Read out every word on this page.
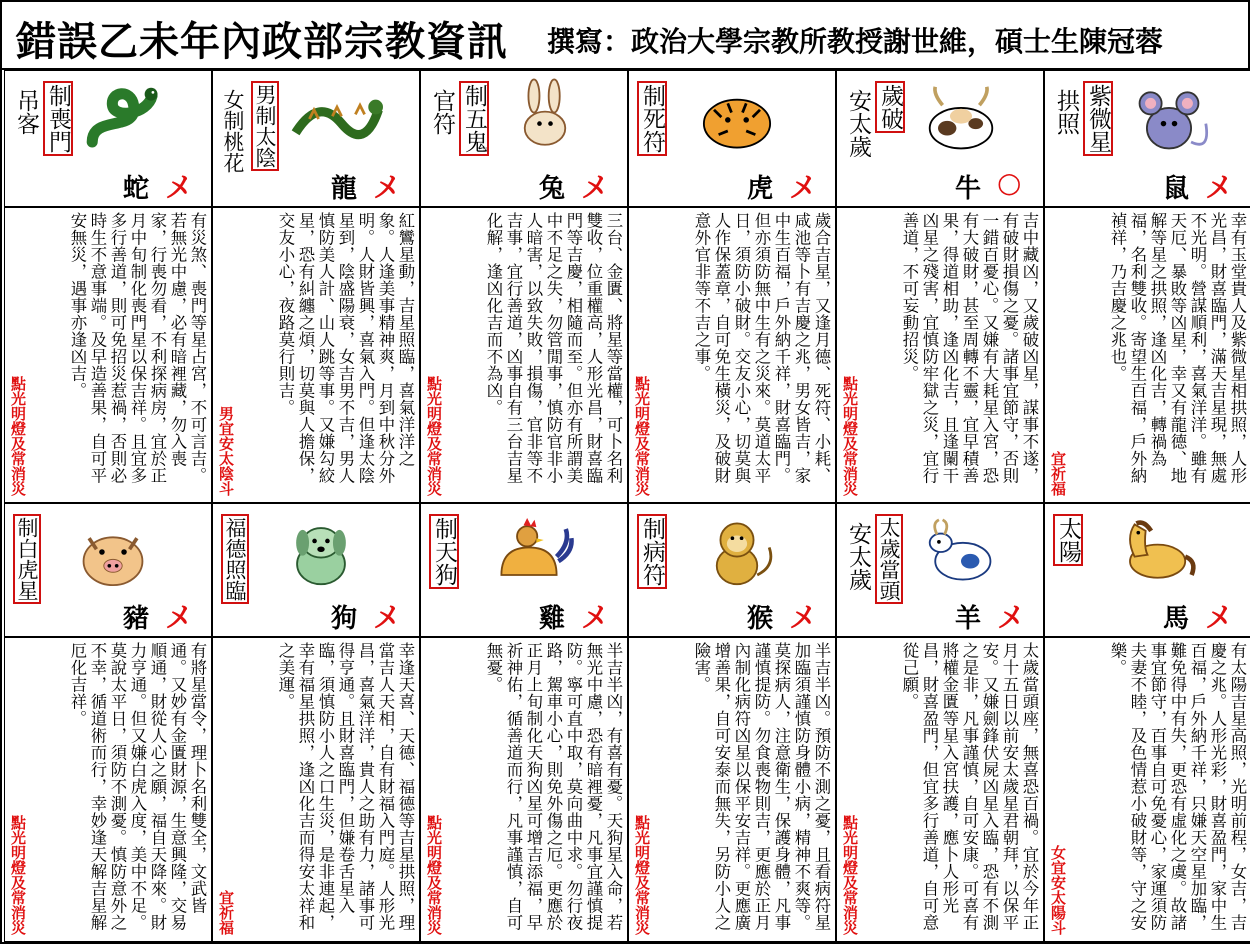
錯誤乙未年內政部宗教資訊 撰寫：政治大學宗教所教授謝世維，碩士生陳冠蓉
吊客 制喪門
蛇 メ
有災煞、喪門等星占宮，不可言吉。若無光中慮，必有暗裡藏，勿入喪家，行喪勿看，不利探病房，宜於正月中旬制化喪門星以保吉祥。且宜多多行善道，則可免招災惹禍，否則必時生不意事端。及早造善果，自可平安無災，遇事亦逢凶吉。
點光明燈及常消災
女制桃花 男制太陰
龍 メ
紅鸞星動，吉星照臨，喜氣洋洋之象。人逢美事精神爽，月到中秋分外明。人財皆興，喜氣入門。但逢太陰星到，陰盛陽衰，女吉男不吉，男人慎防美人計、山人跳等事。又嫌勾絞星，恐有糾纏之煩，切莫與人擔保，交友小心，夜路莫行則吉。
男宜安太陰斗
官符 制五鬼
兔 メ
三台、金匱、將星等當權，可卜名利雙收，位重權高，人形光昌，財喜臨門等吉慶，相隨而至。但亦有所謂美中不足之失，勿管閒事，慎防官非小人暗害，以致失敗，損傷，官非等不吉事，宜行善道，凶事自有三台吉星化解，逢凶化吉而不為凶。
點光明燈及常消災
制死符
虎 メ
歲合吉星，又逢月德、死符、小耗、咸池等卜有吉慶之兆，男女皆吉，家中生百福，戶外納千祥，財喜臨門。但亦須防無中生有之災來。莫道太平日，須防小破財。交友小心，切莫與人作保蓋章，自可免生橫災，及破財意外官非等不吉之事。
點光明燈及常消災
安太歲 歲破
牛 ○
吉中藏凶，又歲破凶星，謀事不遂，有破財損傷之憂。諸事宜節守，否則一錯百憂心。又嫌有大耗星入宮，恐有大破財，甚至周轉不靈，宜早積善果，得道相助，逢凶化吉，且逢闌干凶星之殘害，宜慎防牢獄之災，宜行善道，不可妄動招災。
點光明燈及常消災
拱照 紫微星
鼠 メ
幸有玉堂貴人及紫微星相拱照，人形光昌，財喜臨門，滿天吉星現，無處不光明。營謀順利，喜氣洋洋。雖有天厄、暴敗等凶星，幸又有龍德、地解等星之拱照，逢凶化吉，轉禍為福，名利雙收。寄望生百福，戶外納禎祥，乃吉慶之兆也。
宜祈福
制白虎星
豬 メ
有將星當令，理卜名利雙全，文武皆通。又妙有金匱財源，生意興隆，交易順通，財從人心之願，福自天降來。財力亨通。但又嫌白虎入度，美中不足。莫說太平日，須防不測憂。慎防意外之不幸，循道術而行，幸妙逢天解吉星解厄化吉祥。
點光明燈及常消災
福德照臨
狗 メ
幸逢天喜、天德、福德等吉星拱照，理當吉人天相，自有財福入門庭。人形光昌，喜氣洋洋，貴人之助有力，諸事可得亨通。且財喜臨門，但嫌卷舌星入臨，須慎防小人之口生災，是非連起，幸有福星拱照，逢凶化吉而得安太祥和之美運。
宜祈福
制天狗
雞 メ
半吉半凶，有喜有憂。天狗星入命，若無光中慮，恐有暗裡憂，凡事宜謹慎提防。寧可直中取，莫向曲中求。勿行夜路，駕車小心，則免外傷之厄。更應於正月上旬制化天狗凶星可增吉添福，早祈神佑，循善道而行，凡事謹慎，自可無憂。
點光明燈及常消災
制病符
猴 メ
半吉半凶。預防不測之憂，且看病符星加臨須謹慎防身體小病，精神不爽等。莫探病人，注意衛生，保護身體，凡事謹慎提防。勿食喪物則吉，更應於正月內制化病符凶星以保平安吉祥。更應廣增善果，自可安泰而無失，另防小人之險害。
點光明燈及常消災
安太歲 太歲當頭
羊 メ
太歲當頭座，無喜恐百禍。宜於今年正月十五日以前安太歲星君朝拜，以保平安。又嫌劍鋒伏屍凶星入臨，恐有不測之是非，凡事謹慎，自可安康。可喜有將權金匱等星入宮扶護，應卜人形光昌，財喜盈門，但宜多行善道，自可意從己願。
點光明燈及常消災
太陽
馬 メ
有太陽吉星高照，光明前程，女吉，吉慶之兆。人形光彩，財喜盈門，家中生百福，戶外納千祥，只嫌天空星加臨，難免得中有失，更恐有虛化之虞。故諸事宜節守，百事自可免憂心，家運須防夫妻不睦，及色情惹小破財等，守之安樂。
女宜安太陽斗
